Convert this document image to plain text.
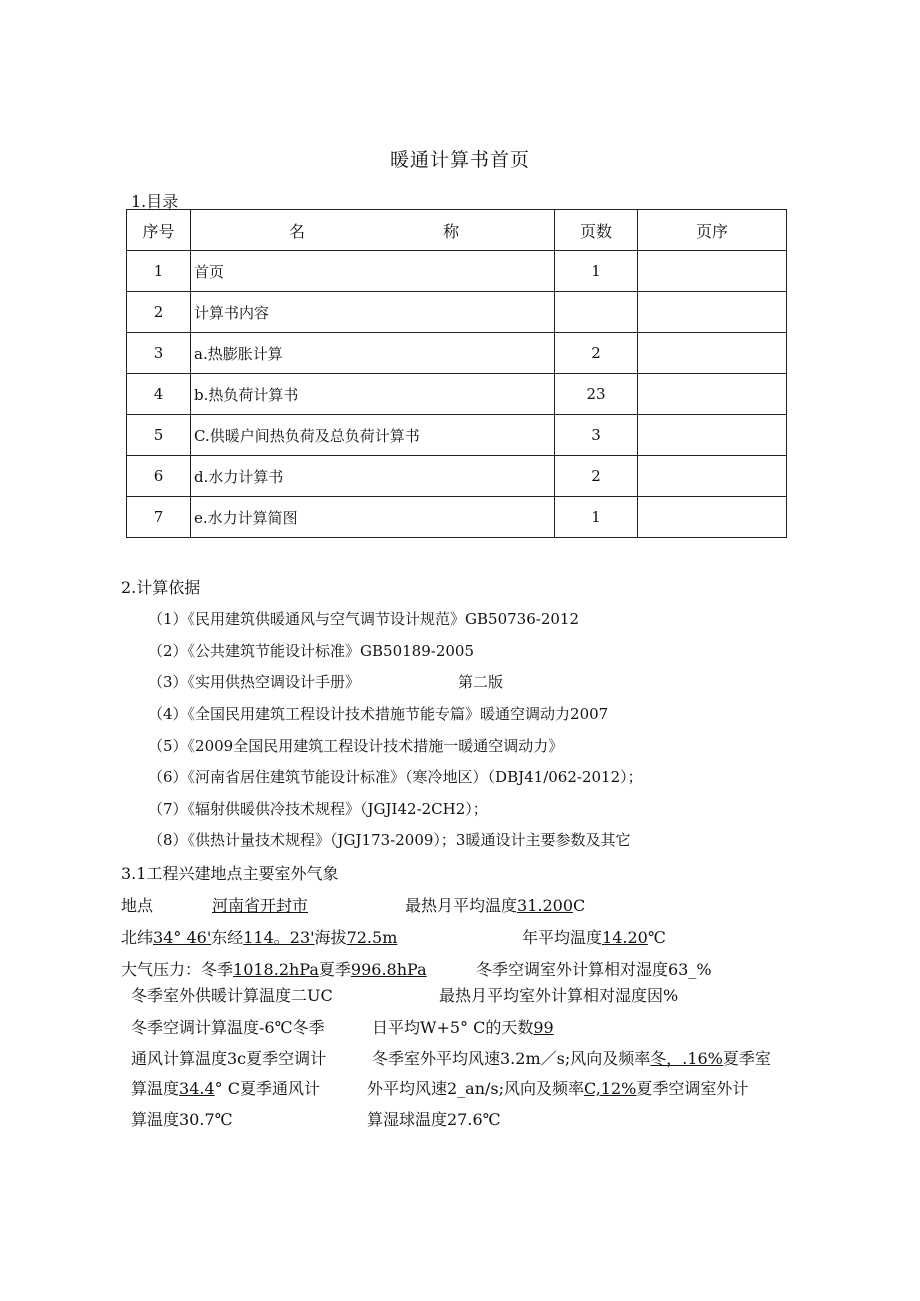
暖通计算书首页
1.目录
序号	名 称	页数	页序
1	首页	1	
2	计算书内容		
3	a.热膨胀计算	2	
4	b.热负荷计算书	23	
5	C.供暖户间热负荷及总负荷计算书	3	
6	d.水力计算书	2	
7	e.水力计算简图	1	
2.计算依据
（1）《民用建筑供暖通风与空气调节设计规范》GB50736-2012
（2）《公共建筑节能设计标准》GB50189-2005
（3）《实用供热空调设计手册》	第二版
（4）《全国民用建筑工程设计技术措施节能专篇》暖通空调动力2007
（5）《2009全国民用建筑工程设计技术措施一暖通空调动力》
（6）《河南省居住建筑节能设计标准》（寒冷地区）（DBJ41/062-2012）；
（7）《辐射供暖供冷技术规程》（JGJI42-2CH2）；
（8）《供热计量技术规程》（JGJ173-2009）；3暖通设计主要参数及其它
3.1工程兴建地点主要室外气象
地点	河南省开封市	最热月平均温度31.200C
北纬34° 46'东经114。23'海拔72.5m	年平均温度14.20℃
大气压力：冬季1018.2hPa夏季996.8hPa	冬季空调室外计算相对湿度63_%
冬季室外供暖计算温度二UC
冬季空调计算温度-6℃冬季
通风计算温度3c夏季空调计
算温度34.4° C夏季通风计
算温度30.7℃
最热月平均室外计算相对湿度因%
日平均W+5° C的天数99
冬季室外平均风速3.2m／s;风向及频率冬，.16%夏季室
外平均风速2_an/s;风向及频率C,12%夏季空调室外计
算湿球温度27.6℃
